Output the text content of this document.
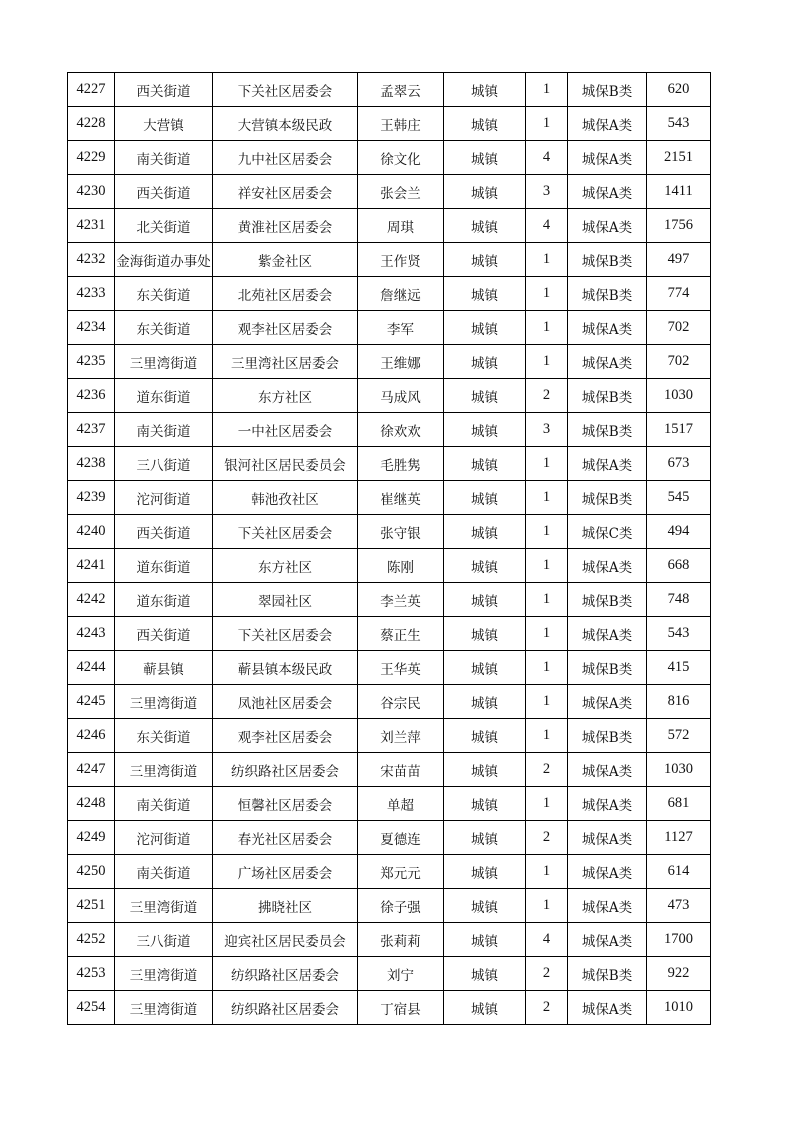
4227	西关街道	下关社区居委会	孟翠云	城镇	1	城保B类	620
4228	大营镇	大营镇本级民政	王韩庄	城镇	1	城保A类	543
4229	南关街道	九中社区居委会	徐文化	城镇	4	城保A类	2151
4230	西关街道	祥安社区居委会	张会兰	城镇	3	城保A类	1411
4231	北关街道	黄淮社区居委会	周琪	城镇	4	城保A类	1756
4232	金海街道办事处	紫金社区	王作贤	城镇	1	城保B类	497
4233	东关街道	北苑社区居委会	詹继远	城镇	1	城保B类	774
4234	东关街道	观李社区居委会	李军	城镇	1	城保A类	702
4235	三里湾街道	三里湾社区居委会	王维娜	城镇	1	城保A类	702
4236	道东街道	东方社区	马成风	城镇	2	城保B类	1030
4237	南关街道	一中社区居委会	徐欢欢	城镇	3	城保B类	1517
4238	三八街道	银河社区居民委员会	毛胜隽	城镇	1	城保A类	673
4239	沱河街道	韩池孜社区	崔继英	城镇	1	城保B类	545
4240	西关街道	下关社区居委会	张守银	城镇	1	城保C类	494
4241	道东街道	东方社区	陈刚	城镇	1	城保A类	668
4242	道东街道	翠园社区	李兰英	城镇	1	城保B类	748
4243	西关街道	下关社区居委会	蔡正生	城镇	1	城保A类	543
4244	蕲县镇	蕲县镇本级民政	王华英	城镇	1	城保B类	415
4245	三里湾街道	凤池社区居委会	谷宗民	城镇	1	城保A类	816
4246	东关街道	观李社区居委会	刘兰萍	城镇	1	城保B类	572
4247	三里湾街道	纺织路社区居委会	宋苗苗	城镇	2	城保A类	1030
4248	南关街道	恒馨社区居委会	单超	城镇	1	城保A类	681
4249	沱河街道	春光社区居委会	夏德连	城镇	2	城保A类	1127
4250	南关街道	广场社区居委会	郑元元	城镇	1	城保A类	614
4251	三里湾街道	拂晓社区	徐子强	城镇	1	城保A类	473
4252	三八街道	迎宾社区居民委员会	张莉莉	城镇	4	城保A类	1700
4253	三里湾街道	纺织路社区居委会	刘宁	城镇	2	城保B类	922
4254	三里湾街道	纺织路社区居委会	丁宿县	城镇	2	城保A类	1010
